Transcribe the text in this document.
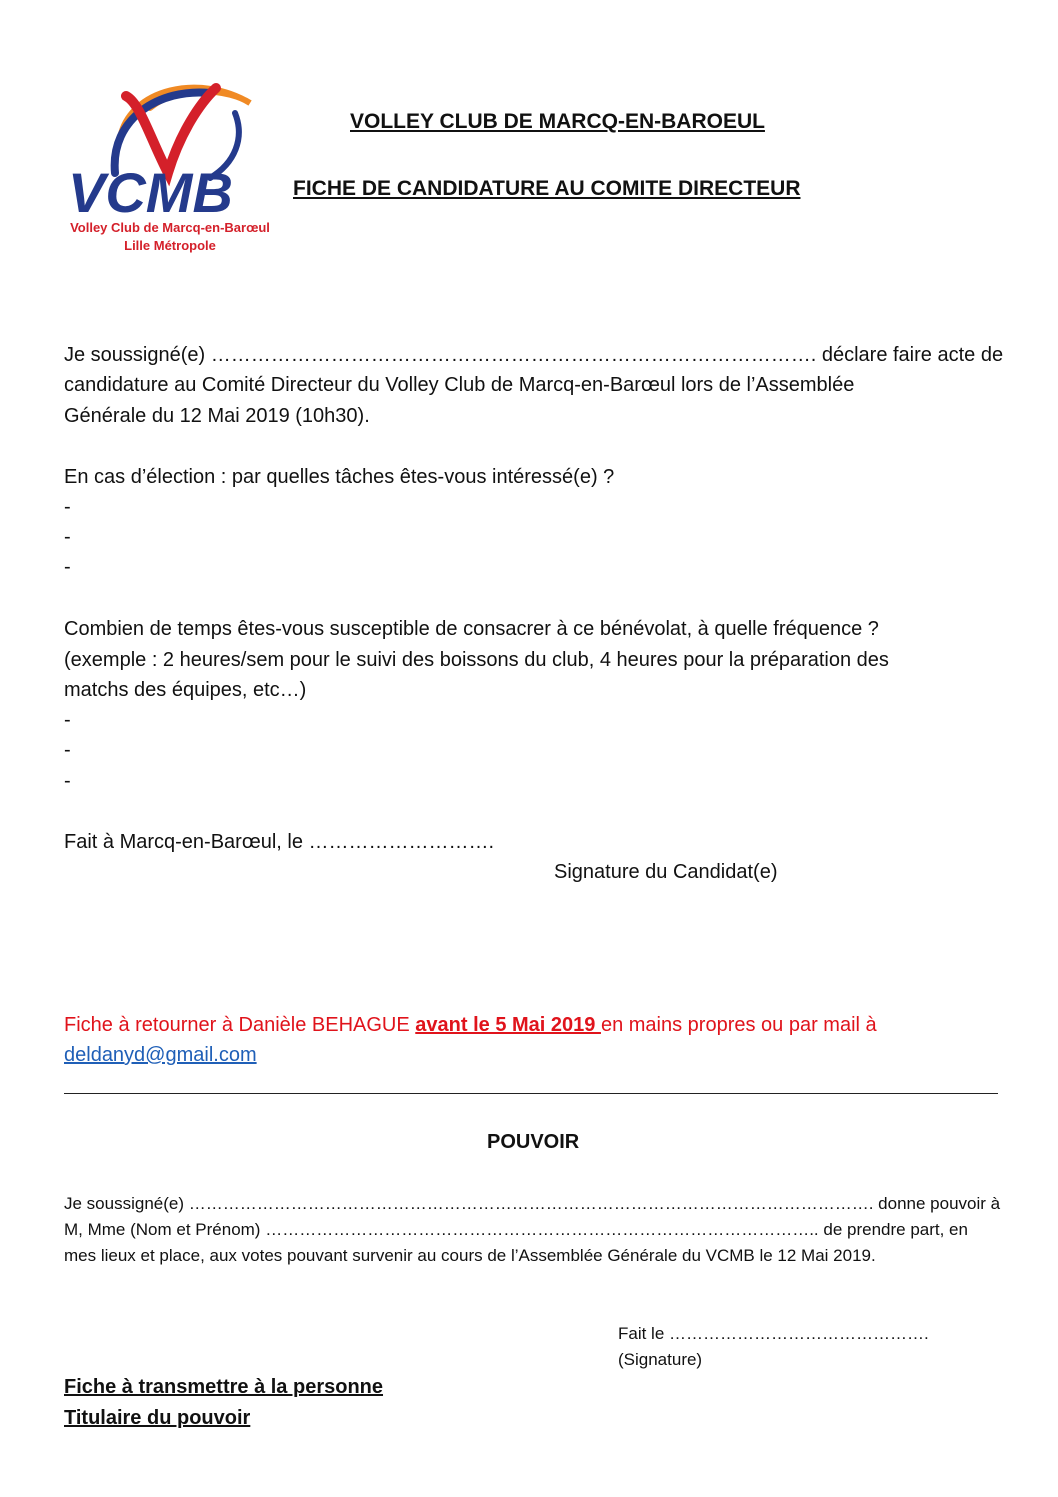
VCMB
Volley Club de Marcq-en-Barœul
Lille Métropole
VOLLEY CLUB DE MARCQ-EN-BAROEUL
FICHE DE CANDIDATURE AU COMITE DIRECTEUR
Je soussigné(e) ………………………………………………………………………………. déclare faire acte de
candidature au Comité Directeur du Volley Club de Marcq-en-Barœul lors de l’Assemblée
Générale du 12 Mai 2019 (10h30).
En cas d’élection : par quelles tâches êtes-vous intéressé(e) ?
-
-
-
Combien de temps êtes-vous susceptible de consacrer à ce bénévolat, à quelle fréquence ?
(exemple : 2 heures/sem pour le suivi des boissons du club, 4 heures pour la préparation des
matchs des équipes, etc…)
-
-
-
Fait à Marcq-en-Barœul, le ……………………….
Signature du Candidat(e)
Fiche à retourner à Danièle BEHAGUE avant le 5 Mai 2019 en mains propres ou par mail à
deldanyd@gmail.com
POUVOIR
Je soussigné(e) …………………………………………………………………………………………………………. donne pouvoir à
M, Mme (Nom et Prénom) …………………………………………………………………………………….. de prendre part, en
mes lieux et place, aux votes pouvant survenir au cours de l’Assemblée Générale du VCMB le 12 Mai 2019.
Fait le ……………………………………….
(Signature)
Fiche à transmettre à la personne
Titulaire du pouvoir
